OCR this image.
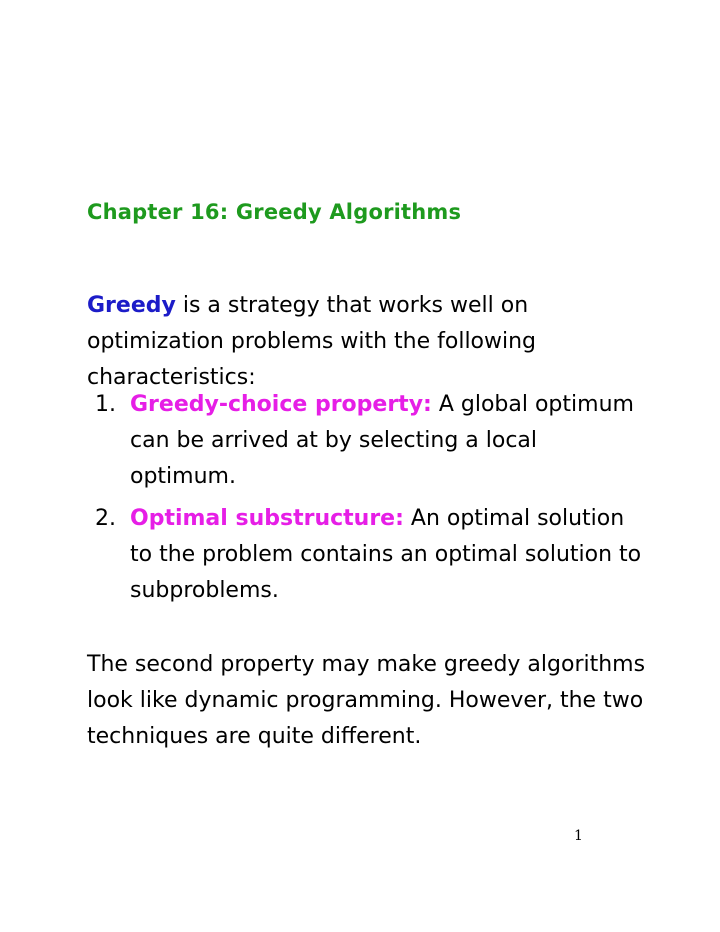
Chapter 16: Greedy Algorithms

Greedy is a strategy that works well on optimization problems with the following characteristics:

1. Greedy-choice property: A global optimum can be arrived at by selecting a local optimum.
2. Optimal substructure: An optimal solution to the problem contains an optimal solution to subproblems.

The second property may make greedy algorithms look like dynamic programming. However, the two techniques are quite different.

1
